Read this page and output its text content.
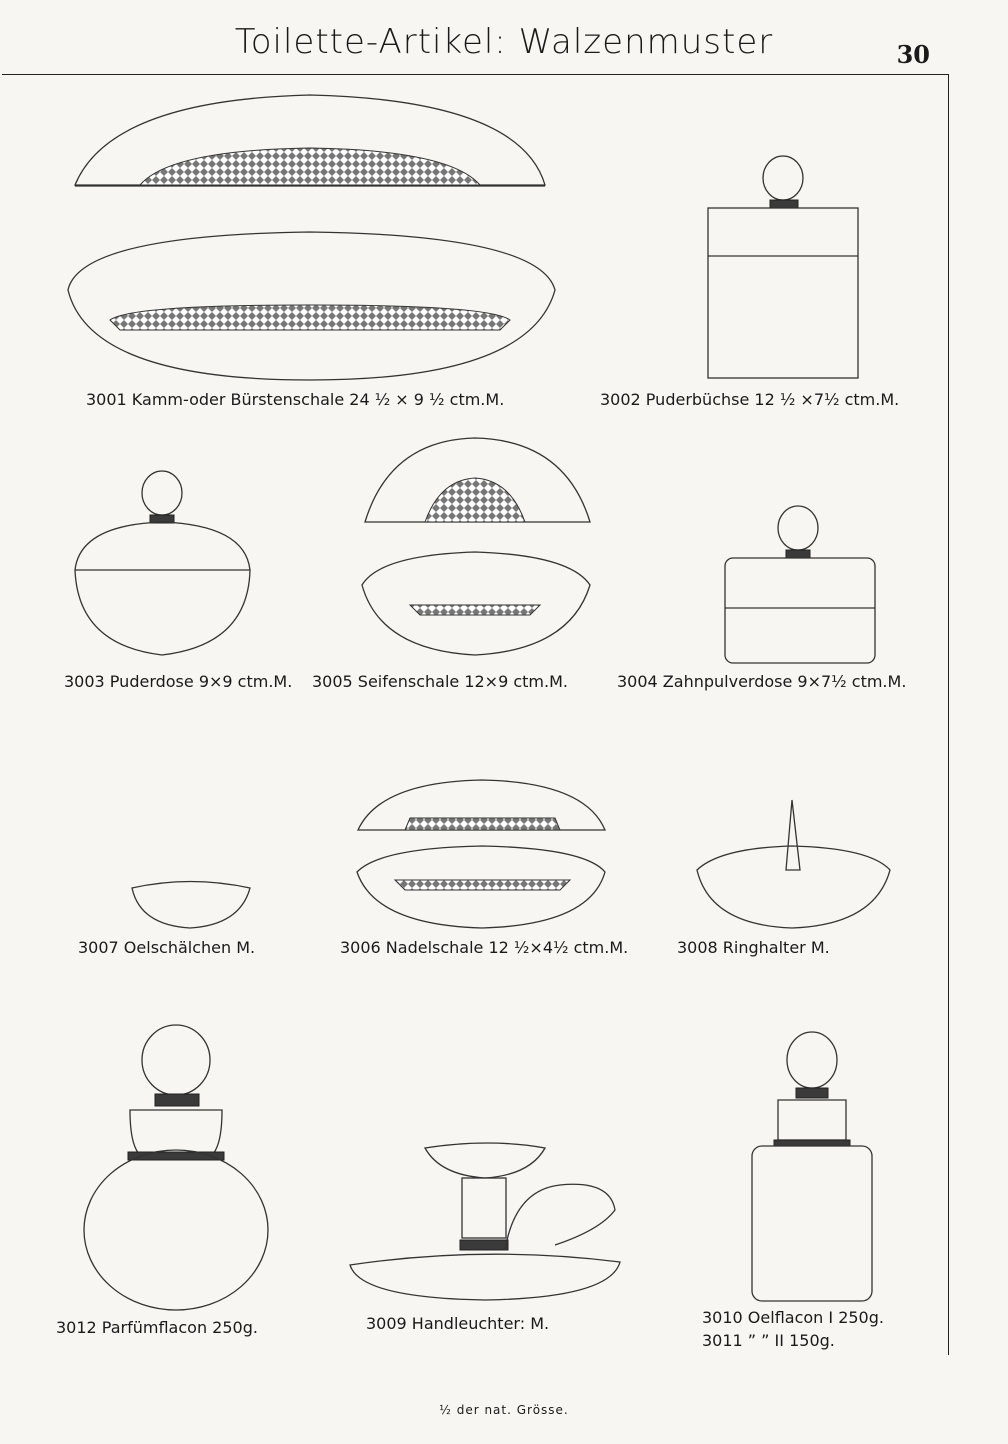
Toilette-Artikel: Walzenmuster	30
3001 Kamm-oder Bürstenschale 24 ½ × 9 ½ ctm.M.	3002 Puderbüchse 12 ½ ×7½ ctm.M.
3003 Puderdose 9×9 ctm.M. 3005 Seifenschale 12×9 ctm.M.	3004 Zahnpulverdose 9×7½ ctm.M.
3007 Oelschälchen M.	3006 Nadelschale 12 ½×4½ ctm.M.	3008 Ringhalter M.
3012 Parfümflacon 250g.	3009 Handleuchter: M.	3010 Oelflacon I 250g.
3011 ” ” II 150g.
½ der nat. Grösse.
